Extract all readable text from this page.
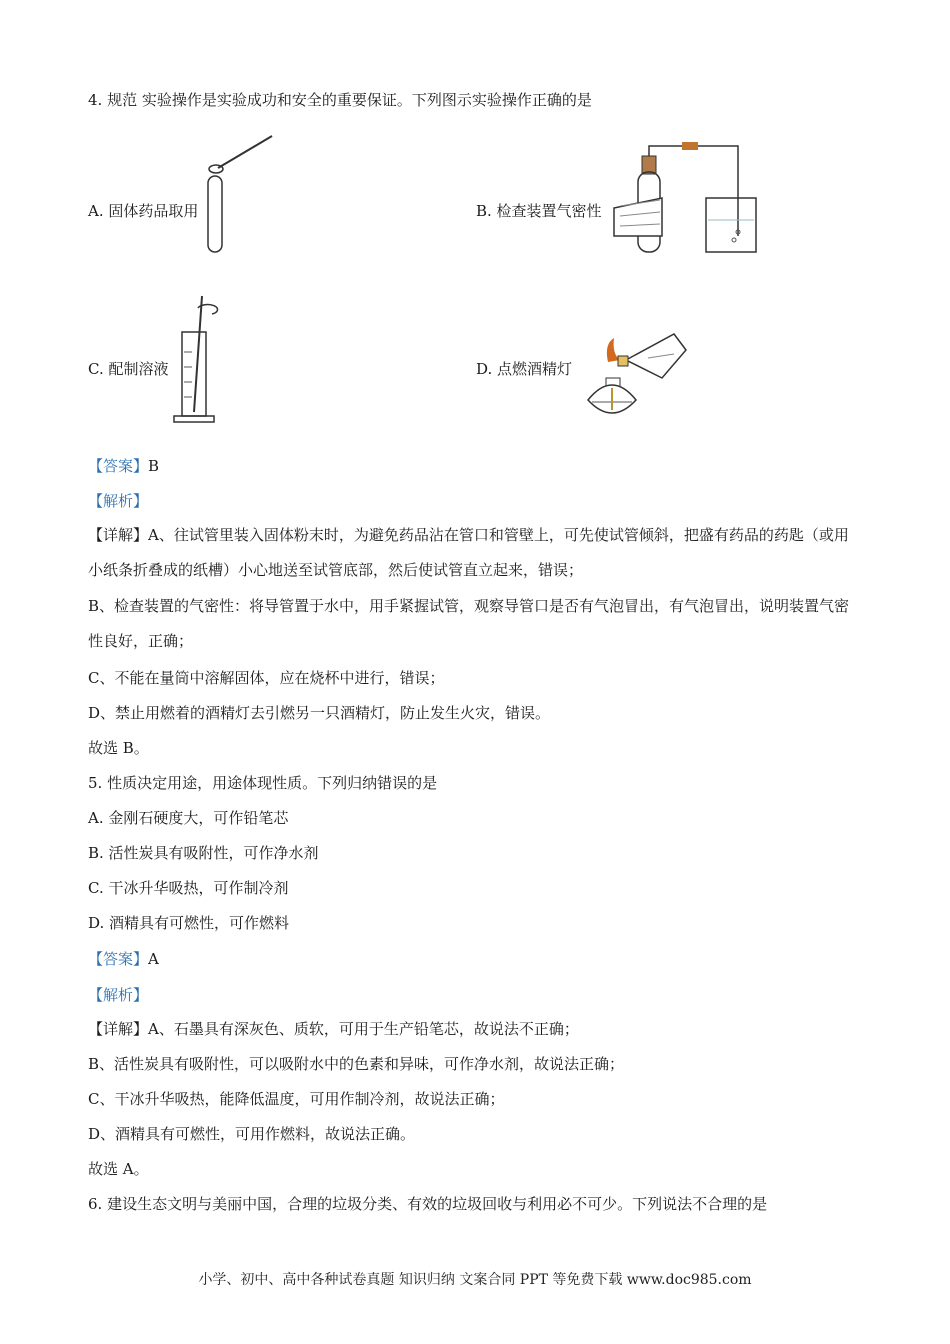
4. 规范 实验操作是实验成功和安全的重要保证。下列图示实验操作正确的是
A. 固体药品取用	B. 检查装置气密性
C. 配制溶液	D. 点燃酒精灯
【答案】B
【解析】
【详解】A、往试管里装入固体粉末时，为避免药品沾在管口和管壁上，可先使试管倾斜，把盛有药品的药匙（或用小纸条折叠成的纸槽）小心地送至试管底部，然后使试管直立起来，错误；
B、检查装置的气密性：将导管置于水中，用手紧握试管，观察导管口是否有气泡冒出，有气泡冒出，说明装置气密性良好，正确；
C、不能在量筒中溶解固体，应在烧杯中进行，错误；
D、禁止用燃着的酒精灯去引燃另一只酒精灯，防止发生火灾，错误。
故选 B。
5. 性质决定用途，用途体现性质。下列归纳错误的是
A. 金刚石硬度大，可作铅笔芯
B. 活性炭具有吸附性，可作净水剂
C. 干冰升华吸热，可作制冷剂
D. 酒精具有可燃性，可作燃料
【答案】A
【解析】
【详解】A、石墨具有深灰色、质软，可用于生产铅笔芯，故说法不正确；
B、活性炭具有吸附性，可以吸附水中的色素和异味，可作净水剂，故说法正确；
C、干冰升华吸热，能降低温度，可用作制冷剂，故说法正确；
D、酒精具有可燃性，可用作燃料，故说法正确。
故选 A。
6. 建设生态文明与美丽中国，合理的垃圾分类、有效的垃圾回收与利用必不可少。下列说法不合理的是
小学、初中、高中各种试卷真题 知识归纳 文案合同 PPT 等免费下载 www.doc985.com
